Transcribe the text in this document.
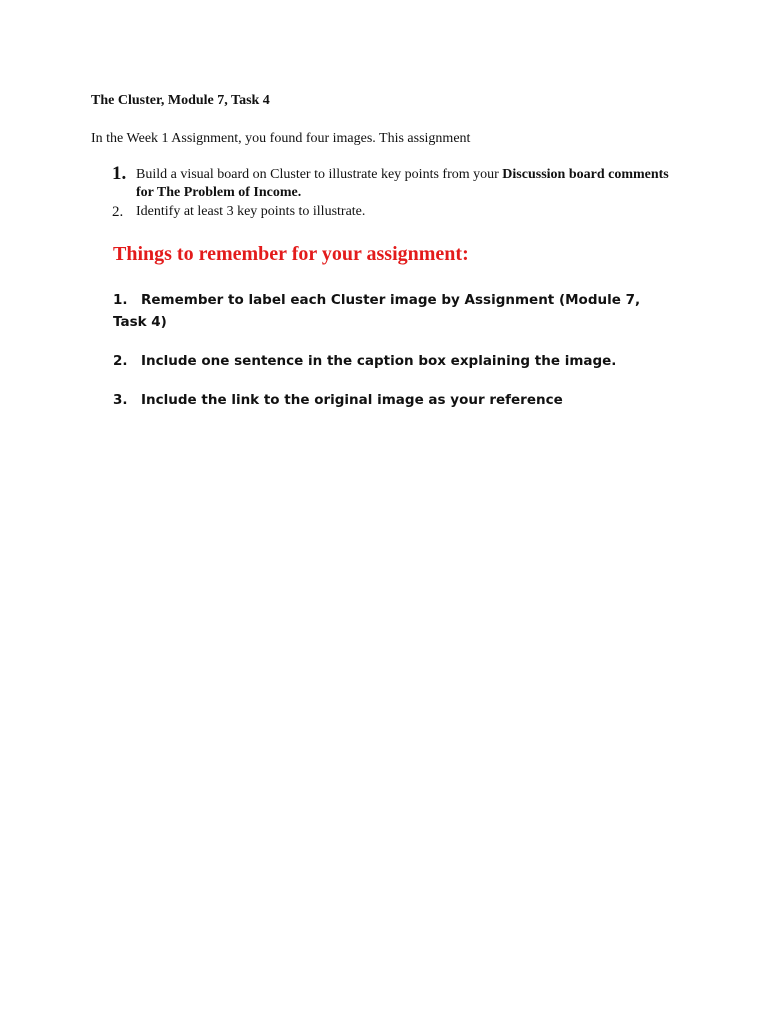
The Cluster, Module 7, Task 4
In the Week 1 Assignment, you found four images. This assignment
1. Build a visual board on Cluster to illustrate key points from your Discussion board comments for The Problem of Income.
2. Identify at least 3 key points to illustrate.
Things to remember for your assignment:
1. Remember to label each Cluster image by Assignment (Module 7, Task 4)
2. Include one sentence in the caption box explaining the image.
3. Include the link to the original image as your reference
